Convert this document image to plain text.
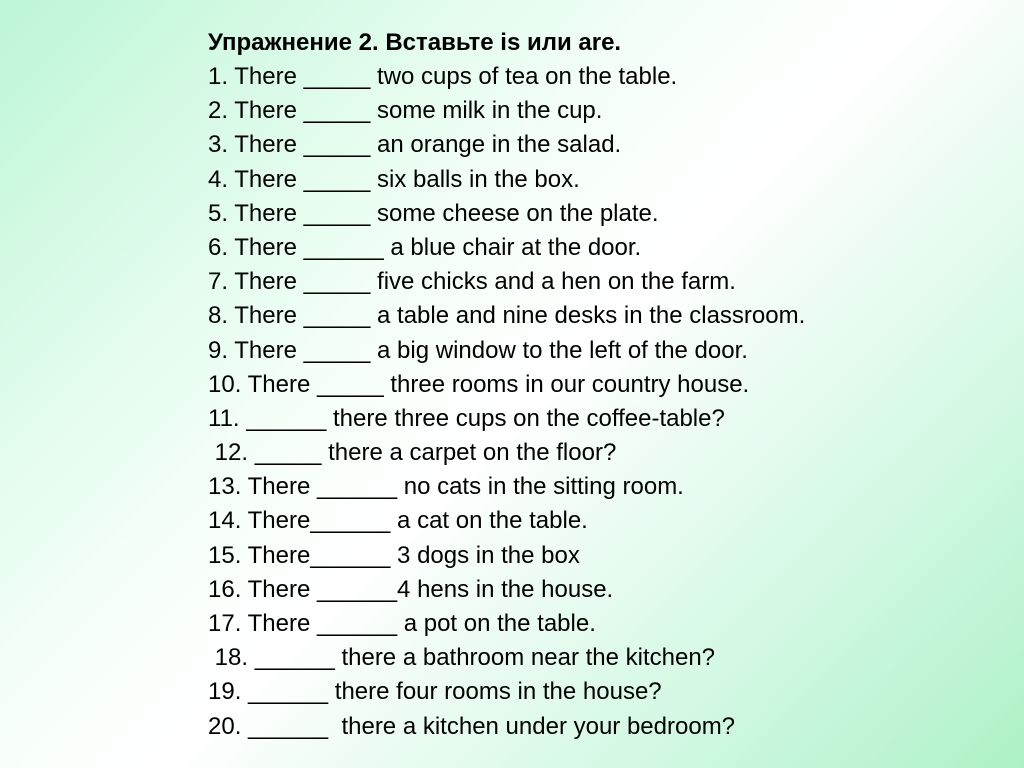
Упражнение 2. Вставьте is или are.
1. There _____ two cups of tea on the table.
2. There _____ some milk in the cup.
3. There _____ an orange in the salad.
4. There _____ six balls in the box.
5. There _____ some cheese on the plate.
6. There ______ a blue chair at the door.
7. There _____ five chicks and a hen on the farm.
8. There _____ a table and nine desks in the classroom.
9. There _____ a big window to the left of the door.
10. There _____ three rooms in our country house.
11. ______ there three cups on the coffee-table?
12. _____ there a carpet on the floor?
13. There ______ no cats in the sitting room.
14. There______ a cat on the table.
15. There______ 3 dogs in the box
16. There ______4 hens in the house.
17. There ______ a pot on the table.
18. ______ there a bathroom near the kitchen?
19. ______ there four rooms in the house?
20. ______  there a kitchen under your bedroom?
